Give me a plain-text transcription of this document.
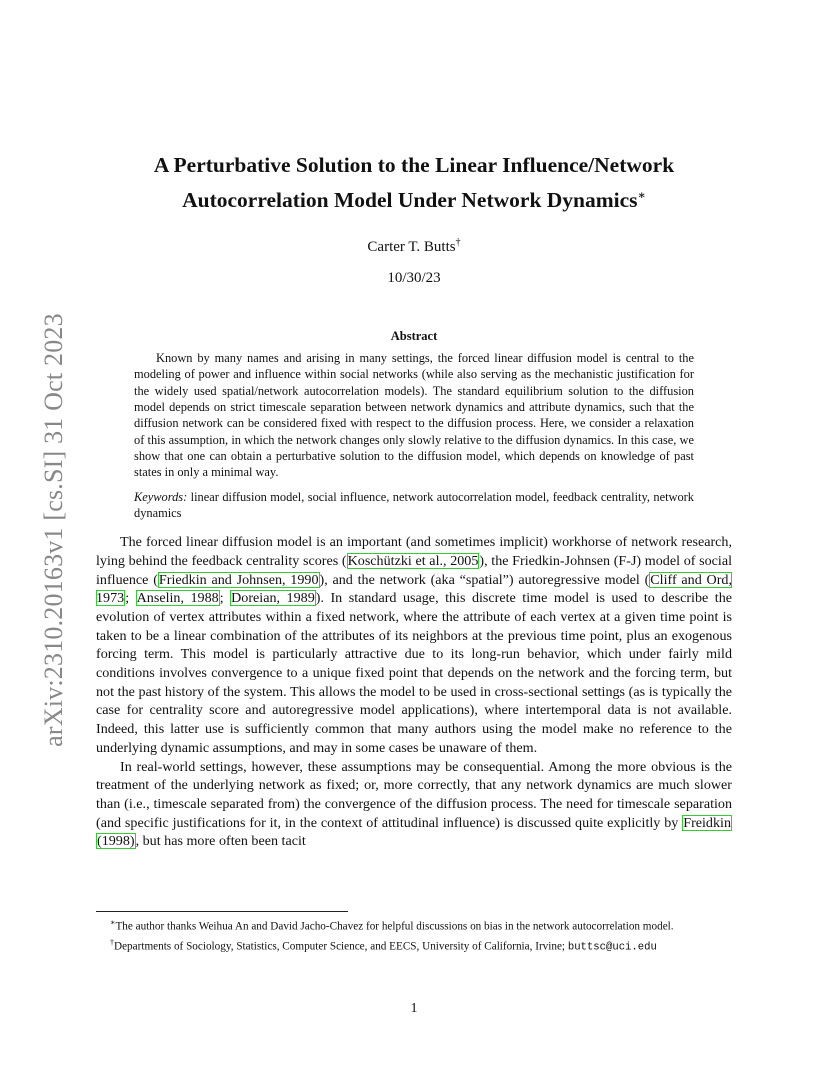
arXiv:2310.20163v1 [cs.SI] 31 Oct 2023
A Perturbative Solution to the Linear Influence/Network
Autocorrelation Model Under Network Dynamics∗

Carter T. Butts†

10/30/23

Abstract

Known by many names and arising in many settings, the forced linear diffusion model is central to the modeling of power and influence within social networks (while also serving as the mechanistic justification for the widely used spatial/network autocorrelation models). The standard equilibrium solution to the diffusion model depends on strict timescale separation between network dynamics and attribute dynamics, such that the diffusion network can be considered fixed with respect to the diffusion process. Here, we consider a relaxation of this assumption, in which the network changes only slowly relative to the diffusion dynamics. In this case, we show that one can obtain a perturbative solution to the diffusion model, which depends on knowledge of past states in only a minimal way.

Keywords: linear diffusion model, social influence, network autocorrelation model, feedback centrality, network dynamics

The forced linear diffusion model is an important (and sometimes implicit) workhorse of network research, lying behind the feedback centrality scores (Koschützki et al., 2005), the Friedkin-Johnsen (F-J) model of social influence (Friedkin and Johnsen, 1990), and the network (aka “spatial”) autoregressive model (Cliff and Ord, 1973; Anselin, 1988; Doreian, 1989). In standard usage, this discrete time model is used to describe the evolution of vertex attributes within a fixed network, where the attribute of each vertex at a given time point is taken to be a linear combination of the attributes of its neighbors at the previous time point, plus an exogenous forcing term. This model is particularly attractive due to its long-run behavior, which under fairly mild conditions involves convergence to a unique fixed point that depends on the network and the forcing term, but not the past history of the system. This allows the model to be used in cross-sectional settings (as is typically the case for centrality score and autoregressive model applications), where intertemporal data is not available. Indeed, this latter use is sufficiently common that many authors using the model make no reference to the underlying dynamic assumptions, and may in some cases be unaware of them.

In real-world settings, however, these assumptions may be consequential. Among the more obvious is the treatment of the underlying network as fixed; or, more correctly, that any network dynamics are much slower than (i.e., timescale separated from) the convergence of the diffusion process. The need for timescale separation (and specific justifications for it, in the context of attitudinal influence) is discussed quite explicitly by Freidkin (1998), but has more often been tacit

∗The author thanks Weihua An and David Jacho-Chavez for helpful discussions on bias in the network autocorrelation model.

†Departments of Sociology, Statistics, Computer Science, and EECS, University of California, Irvine; buttsc@uci.edu

1
